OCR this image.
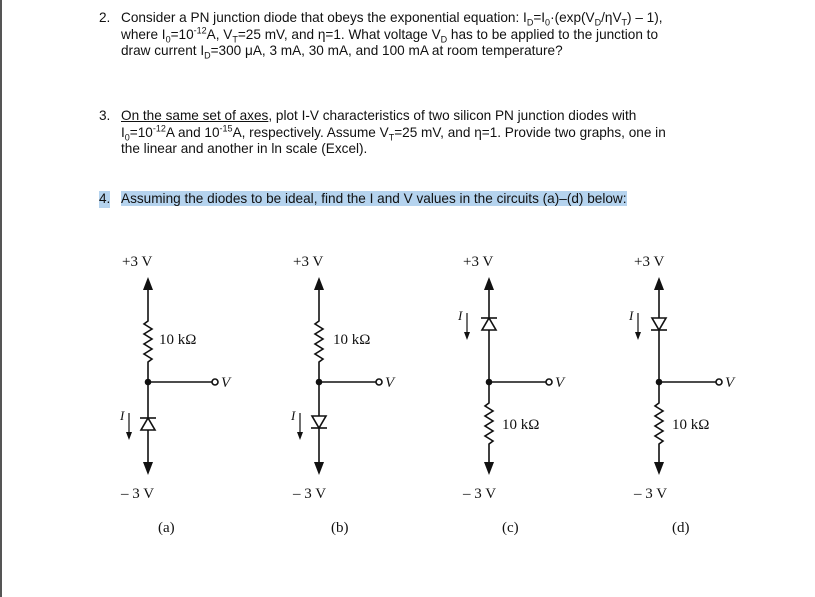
2. Consider a PN junction diode that obeys the exponential equation: $I_D=I_0\cdot(\exp(V_D/\eta V_T) - 1)$,
where $I_0=10^{-12}A$, $V_T=25$ mV, and η=1. What voltage $V_D$ has to be applied to the junction to
draw current $I_D=300$ μA, 3 mA, 30 mA, and 100 mA at room temperature?
3. On the same set of axes, plot I-V characteristics of two silicon PN junction diodes with
$I_0=10^{-12}A$ and $10^{-15}A$, respectively. Assume $V_T=25$ mV, and η=1. Provide two graphs, one in
the linear and another in ln scale (Excel).
4. Assuming the diodes to be ideal, find the I and V values in the circuits (a)–(d) below:
+3 V
10 kΩ
V
I
– 3 V
(a)
+3 V
10 kΩ
V
I
– 3 V
(b)
+3 V
10 kΩ
V
I
– 3 V
(c)
+3 V
10 kΩ
V
I
– 3 V
(d)
